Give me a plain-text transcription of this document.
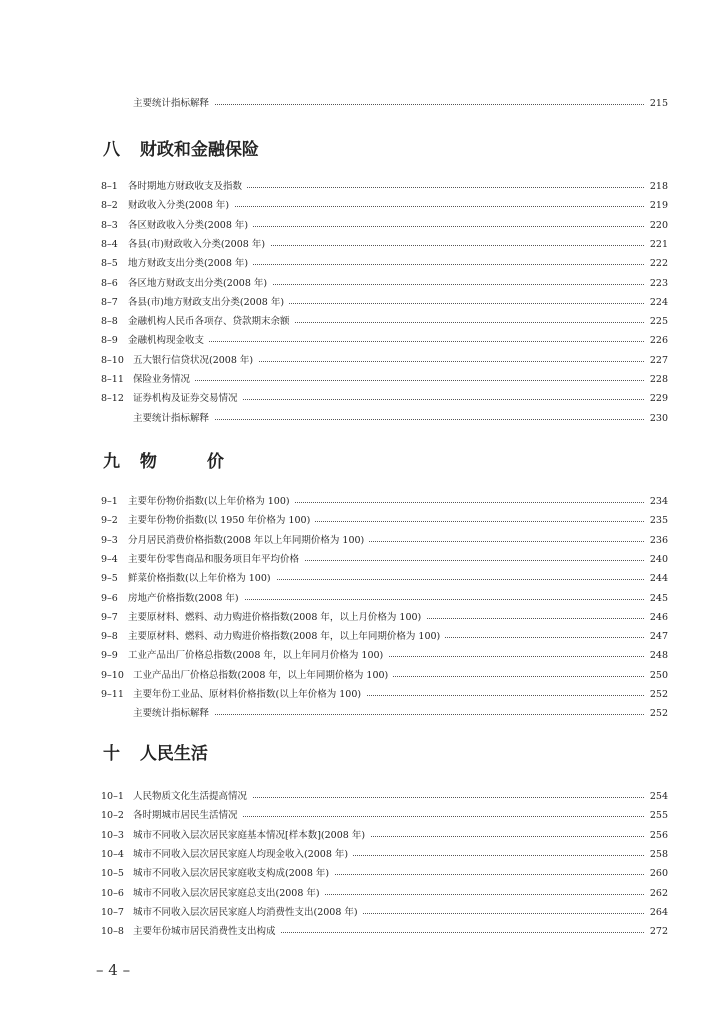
主要统计指标解释	215
八 财政和金融保险
8–1 各时期地方财政收支及指数	218
8–2 财政收入分类(2008 年)	219
8–3 各区财政收入分类(2008 年)	220
8–4 各县(市)财政收入分类(2008 年)	221
8–5 地方财政支出分类(2008 年)	222
8–6 各区地方财政支出分类(2008 年)	223
8–7 各县(市)地方财政支出分类(2008 年)	224
8–8 金融机构人民币各项存、贷款期末余额	225
8–9 金融机构现金收支	226
8–10 五大银行信贷状况(2008 年)	227
8–11 保险业务情况	228
8–12 证券机构及证券交易情况	229
主要统计指标解释	230
九 物 价
9–1 主要年份物价指数(以上年价格为 100)	234
9–2 主要年份物价指数(以 1950 年价格为 100)	235
9–3 分月居民消费价格指数(2008 年以上年同期价格为 100)	236
9–4 主要年份零售商品和服务项目年平均价格	240
9–5 鲜菜价格指数(以上年价格为 100)	244
9–6 房地产价格指数(2008 年)	245
9–7 主要原材料、燃料、动力购进价格指数(2008 年，以上月价格为 100)	246
9–8 主要原材料、燃料、动力购进价格指数(2008 年，以上年同期价格为 100)	247
9–9 工业产品出厂价格总指数(2008 年，以上年同月价格为 100)	248
9–10 工业产品出厂价格总指数(2008 年，以上年同期价格为 100)	250
9–11 主要年份工业品、原材料价格指数(以上年价格为 100)	252
主要统计指标解释	252
十 人民生活
10–1 人民物质文化生活提高情况	254
10–2 各时期城市居民生活情况	255
10–3 城市不同收入层次居民家庭基本情况[样本数](2008 年)	256
10–4 城市不同收入层次居民家庭人均现金收入(2008 年)	258
10–5 城市不同收入层次居民家庭收支构成(2008 年)	260
10–6 城市不同收入层次居民家庭总支出(2008 年)	262
10–7 城市不同收入层次居民家庭人均消费性支出(2008 年)	264
10–8 主要年份城市居民消费性支出构成	272
– 4 –
